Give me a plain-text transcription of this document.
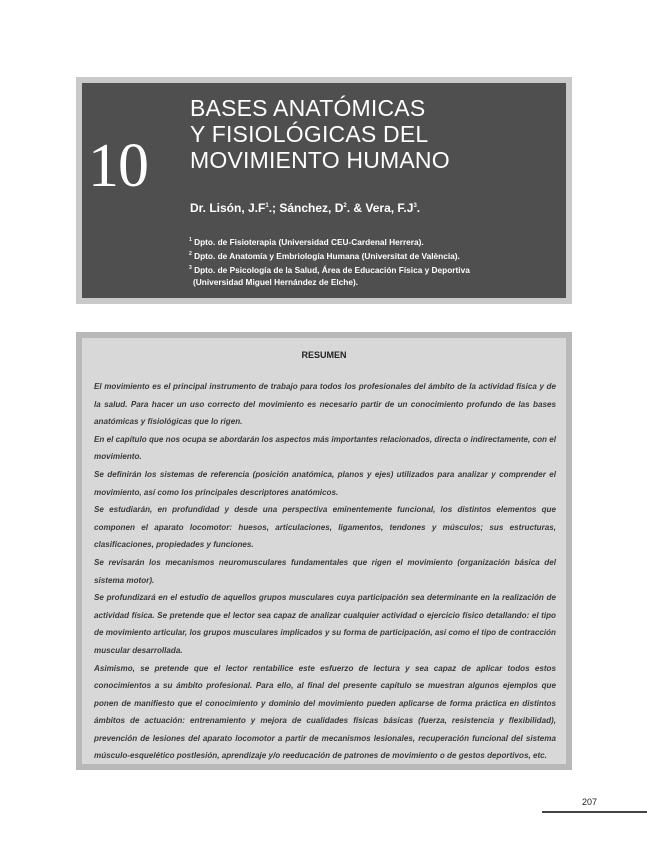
10
BASES ANATÓMICAS
Y FISIOLÓGICAS DEL
MOVIMIENTO HUMANO
Dr. Lisón, $J.F^1$.; Sánchez, $D^2$. & Vera, $F.J^3$.
$^1$ Dpto. de Fisioterapia (Universidad CEU-Cardenal Herrera).
$^2$ Dpto. de Anatomía y Embriología Humana (Universitat de València).
$^3$ Dpto. de Psicología de la Salud, Área de Educación Física y Deportiva
(Universidad Miguel Hernández de Elche).
RESUMEN

El movimiento es el principal instrumento de trabajo para todos los profesionales del ámbito de la actividad física y de la salud. Para hacer un uso correcto del movimiento es necesario partir de un conocimiento profundo de las bases anatómicas y fisiológicas que lo rigen.

En el capítulo que nos ocupa se abordarán los aspectos más importantes relacionados, directa o indirectamente, con el movimiento.

Se definirán los sistemas de referencia (posición anatómica, planos y ejes) utilizados para analizar y comprender el movimiento, así como los principales descriptores anatómicos.

Se estudiarán, en profundidad y desde una perspectiva eminentemente funcional, los distintos elementos que componen el aparato locomotor: huesos, articulaciones, ligamentos, tendones y músculos; sus estructuras, clasificaciones, propiedades y funciones.

Se revisarán los mecanismos neuromusculares fundamentales que rigen el movimiento (organización básica del sistema motor).

Se profundizará en el estudio de aquellos grupos musculares cuya participación sea determinante en la realización de actividad física. Se pretende que el lector sea capaz de analizar cualquier actividad o ejercicio físico detallando: el tipo de movimiento articular, los grupos musculares implicados y su forma de participación, así como el tipo de contracción muscular desarrollada.

Asimismo, se pretende que el lector rentabilice este esfuerzo de lectura y sea capaz de aplicar todos estos conocimientos a su ámbito profesional. Para ello, al final del presente capítulo se muestran algunos ejemplos que ponen de manifiesto que el conocimiento y dominio del movimiento pueden aplicarse de forma práctica en distintos ámbitos de actuación: entrenamiento y mejora de cualidades físicas básicas (fuerza, resistencia y flexibilidad), prevención de lesiones del aparato locomotor a partir de mecanismos lesionales, recuperación funcional del sistema músculo-esquelético postlesión, aprendizaje y/o reeducación de patrones de movimiento o de gestos deportivos, etc.

207
